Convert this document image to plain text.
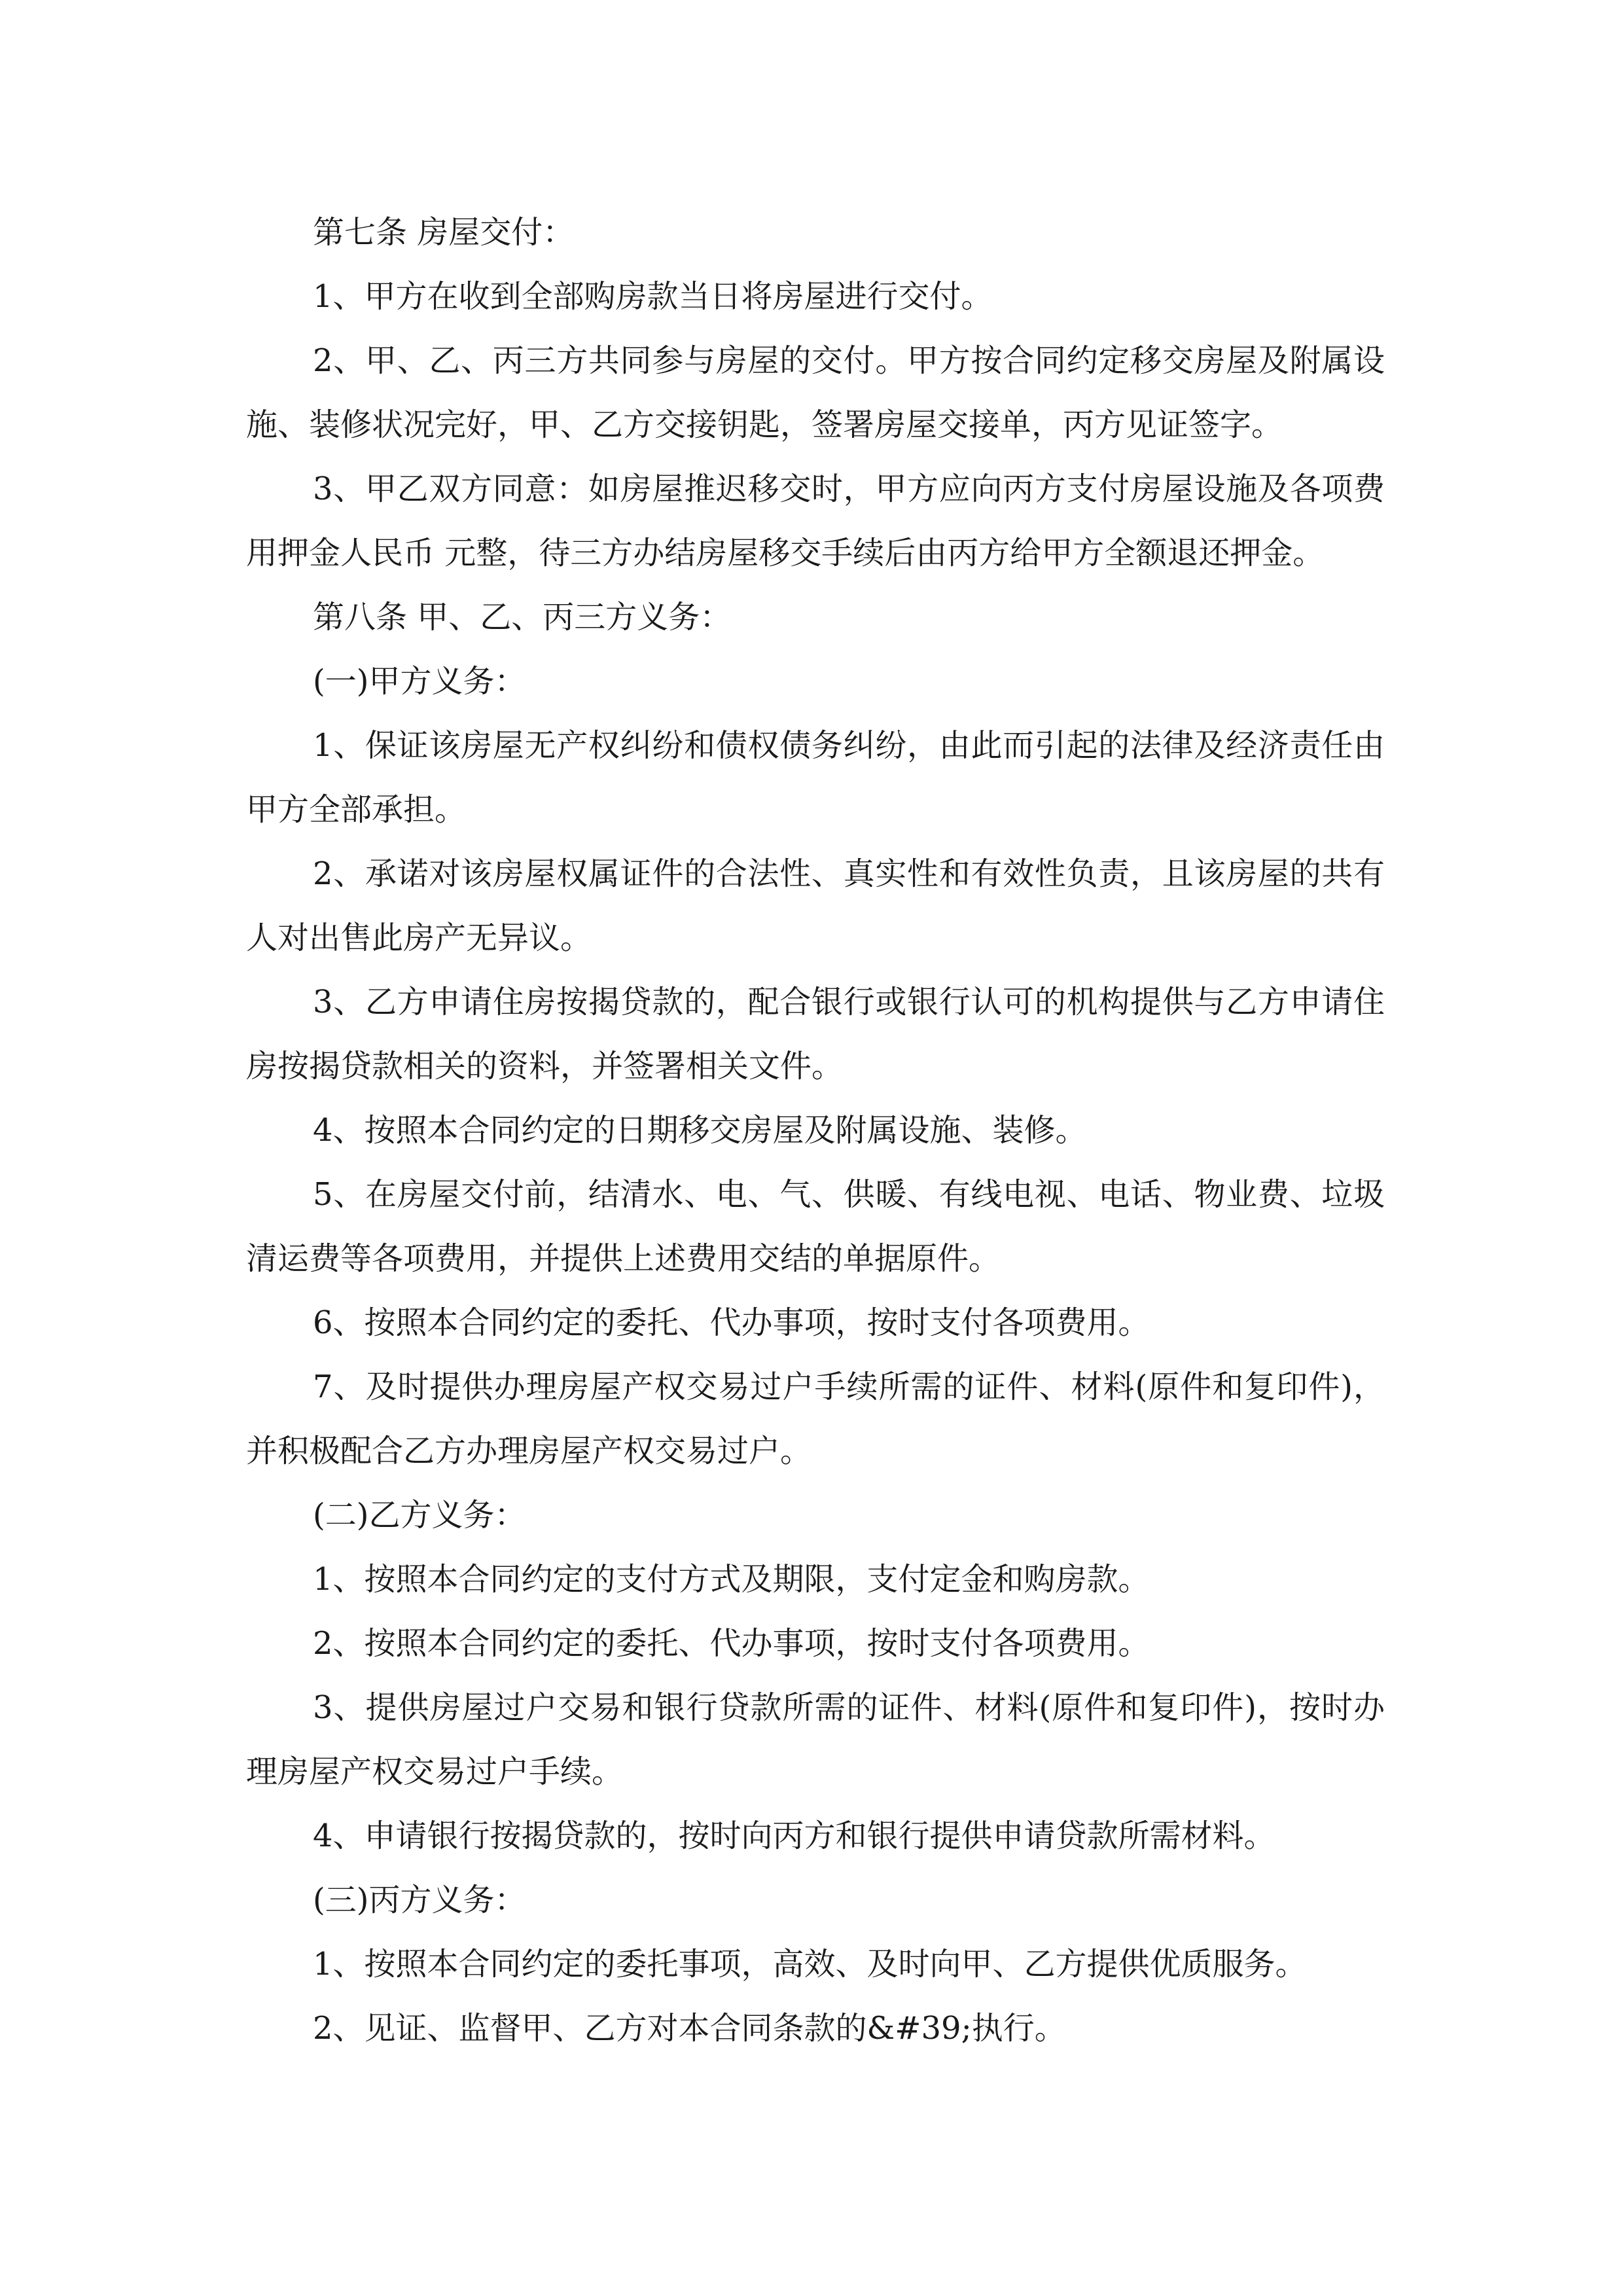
第七条 房屋交付：

1、甲方在收到全部购房款当日将房屋进行交付。

2、甲、乙、丙三方共同参与房屋的交付。甲方按合同约定移交房屋及附属设施、装修状况完好，甲、乙方交接钥匙，签署房屋交接单，丙方见证签字。

3、甲乙双方同意：如房屋推迟移交时，甲方应向丙方支付房屋设施及各项费用押金人民币 元整，待三方办结房屋移交手续后由丙方给甲方全额退还押金。

第八条 甲、乙、丙三方义务：

(一)甲方义务：

1、保证该房屋无产权纠纷和债权债务纠纷，由此而引起的法律及经济责任由甲方全部承担。

2、承诺对该房屋权属证件的合法性、真实性和有效性负责，且该房屋的共有人对出售此房产无异议。

3、乙方申请住房按揭贷款的，配合银行或银行认可的机构提供与乙方申请住房按揭贷款相关的资料，并签署相关文件。

4、按照本合同约定的日期移交房屋及附属设施、装修。

5、在房屋交付前，结清水、电、气、供暖、有线电视、电话、物业费、垃圾清运费等各项费用，并提供上述费用交结的单据原件。

6、按照本合同约定的委托、代办事项，按时支付各项费用。

7、及时提供办理房屋产权交易过户手续所需的证件、材料(原件和复印件)，并积极配合乙方办理房屋产权交易过户。

(二)乙方义务：

1、按照本合同约定的支付方式及期限，支付定金和购房款。

2、按照本合同约定的委托、代办事项，按时支付各项费用。

3、提供房屋过户交易和银行贷款所需的证件、材料(原件和复印件)，按时办理房屋产权交易过户手续。

4、申请银行按揭贷款的，按时向丙方和银行提供申请贷款所需材料。

(三)丙方义务：

1、按照本合同约定的委托事项，高效、及时向甲、乙方提供优质服务。

2、见证、监督甲、乙方对本合同条款的&#39;执行。
